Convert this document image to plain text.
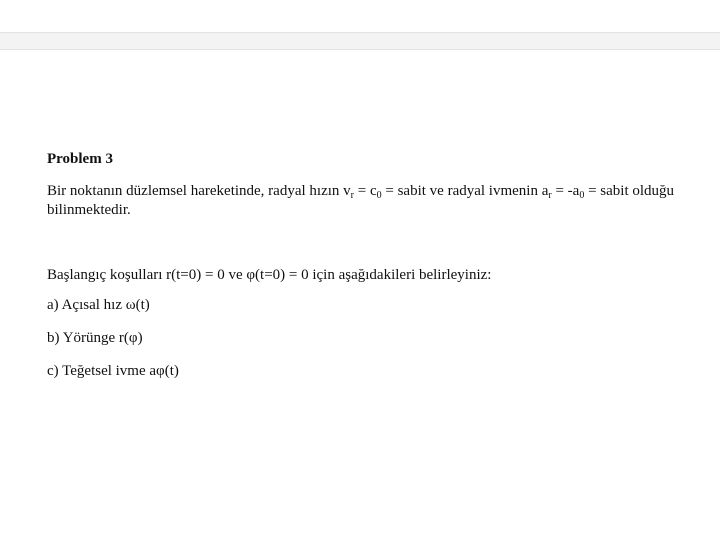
Problem 3
Bir noktanın düzlemsel hareketinde, radyal hızın $v_r = c_0$ = sabit ve radyal ivmenin $a_r = -a_0$ = sabit olduğu bilinmektedir.
Başlangıç koşulları r(t=0) = 0 ve φ(t=0) = 0 için aşağıdakileri belirleyiniz:
a) Açısal hız ω(t)
b) Yörünge r(φ)
c) Teğetsel ivme aφ(t)
